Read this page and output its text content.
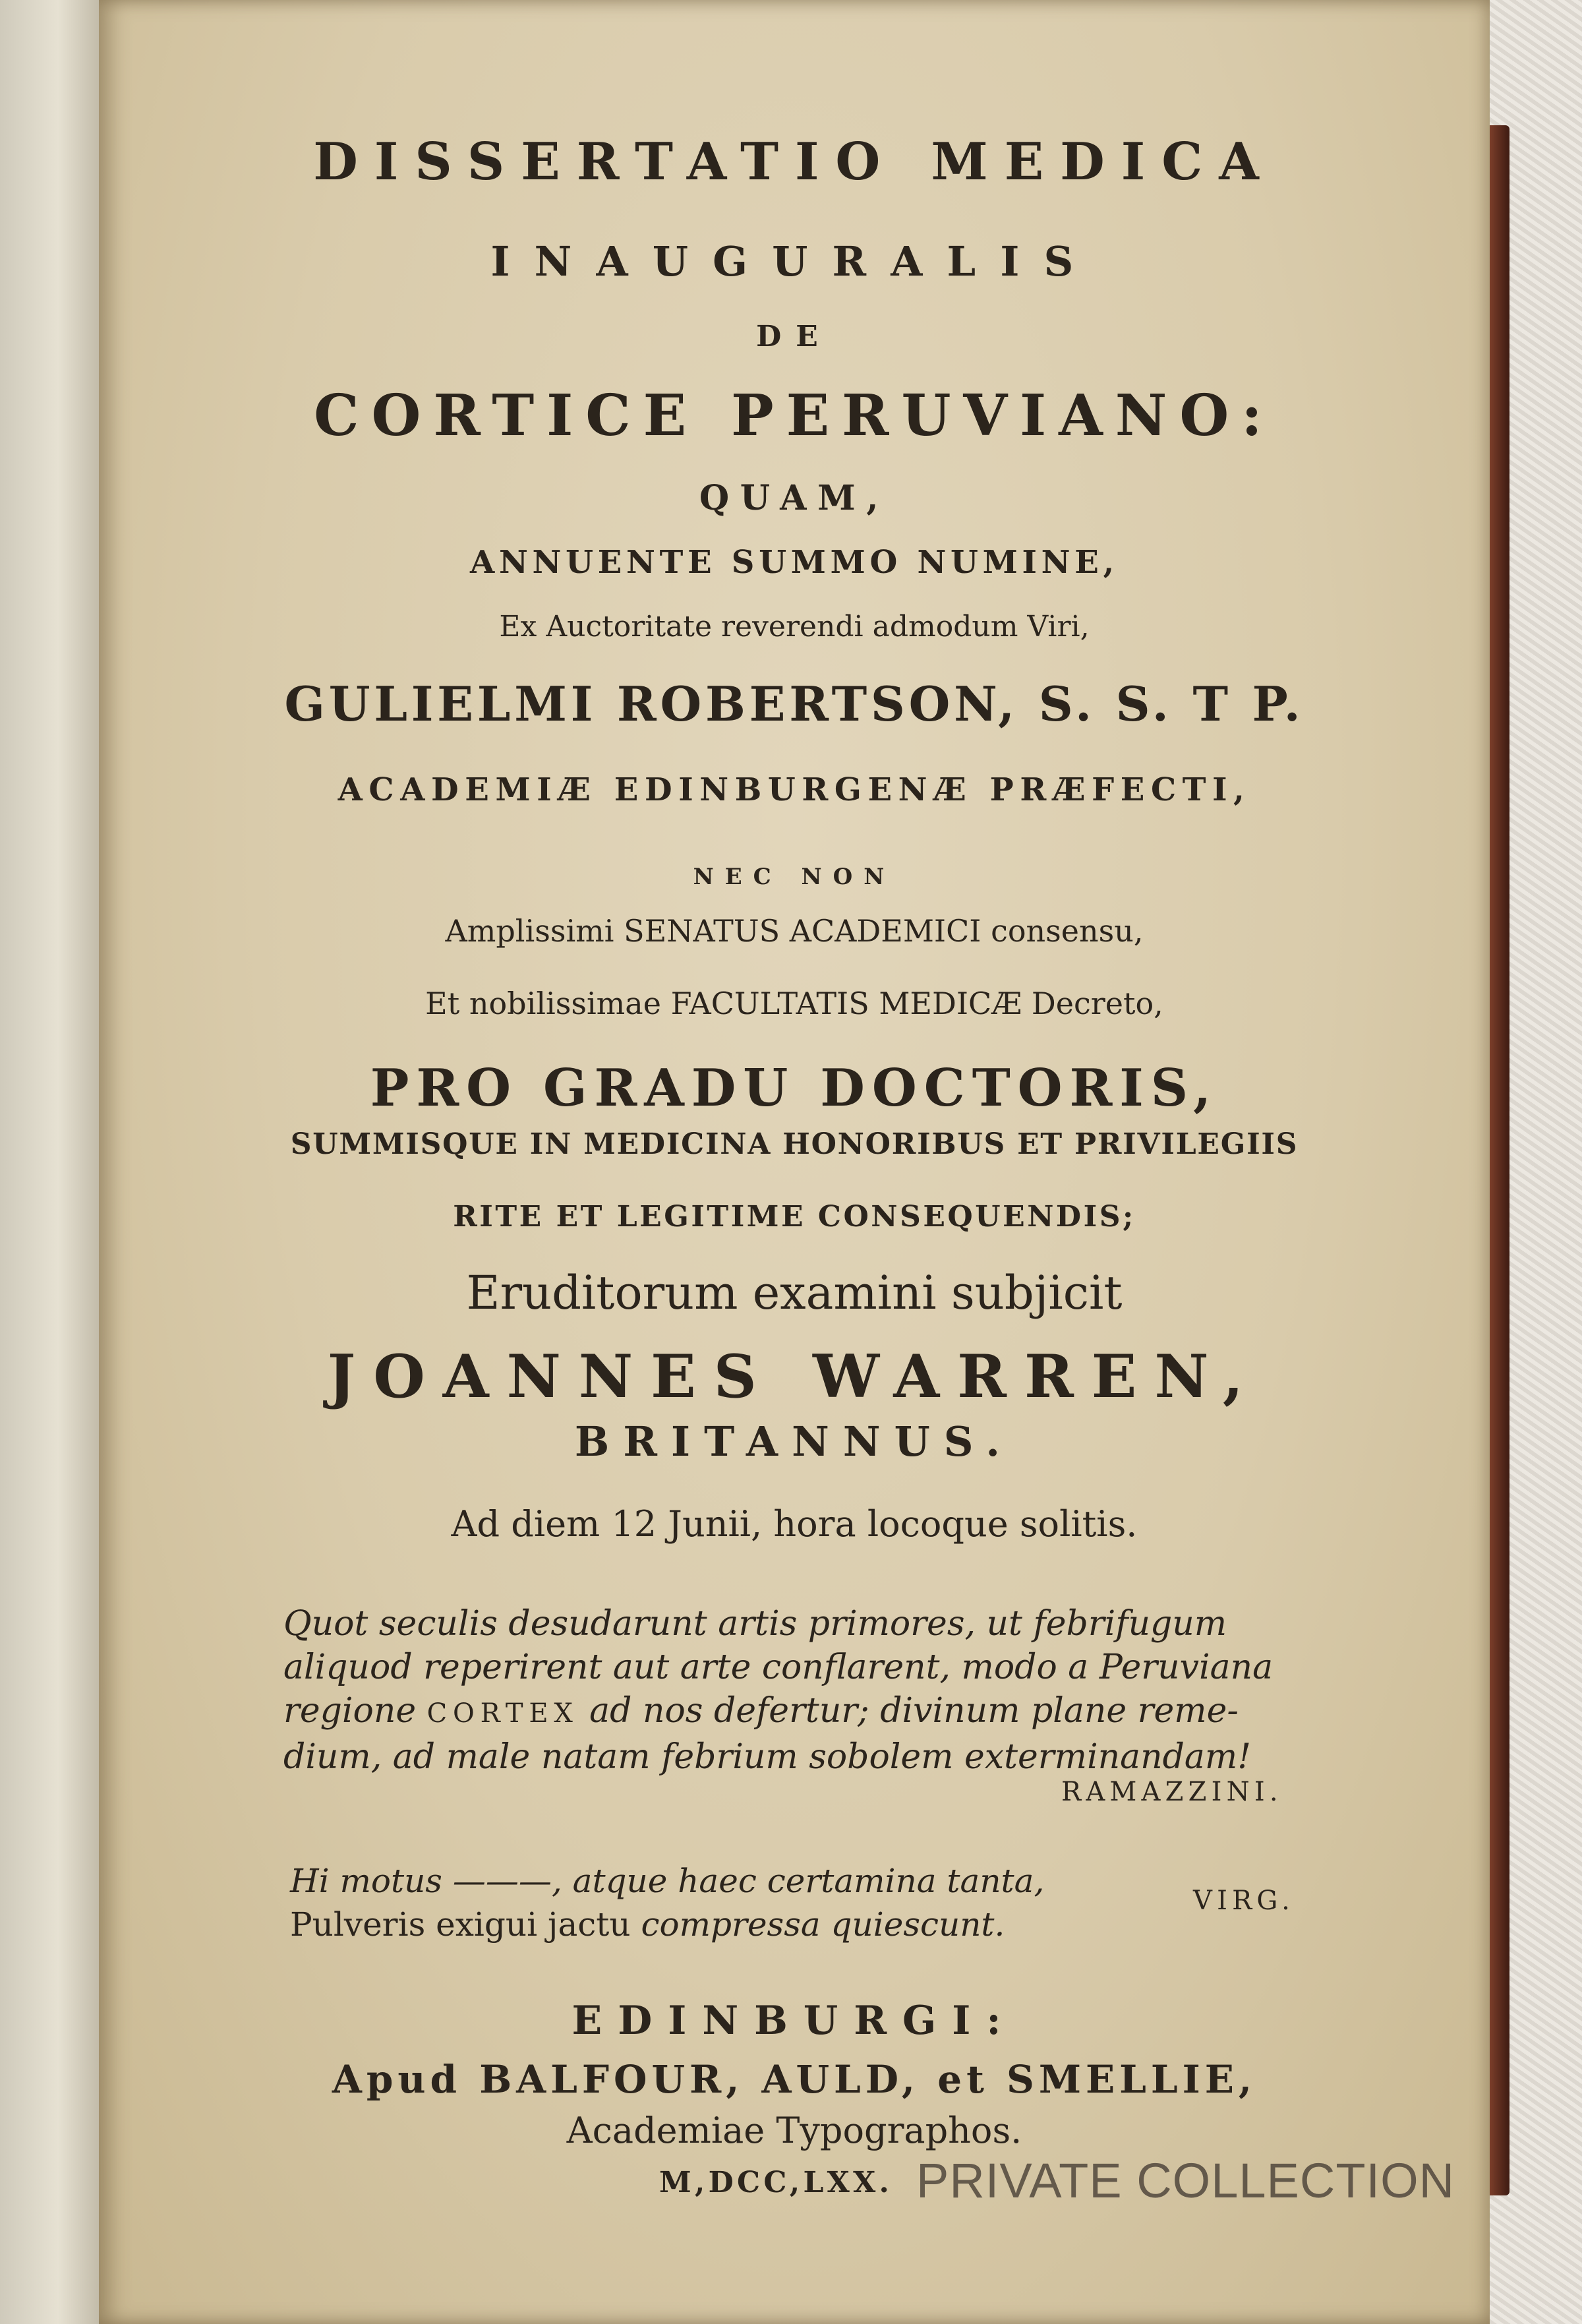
DISSERTATIO MEDICA

INAUGURALIS

DE

CORTICE PERUVIANO:

QUAM,

ANNUENTE SUMMO NUMINE,

Ex Auctoritate reverendi admodum Viri,

GULIELMI ROBERTSON, S. S. T P.

ACADEMIÆ EDINBURGENÆ PRÆFECTI,

NEC NON

Amplissimi SENATUS ACADEMICI consensu,

Et nobilissimae FACULTATIS MEDICÆ Decreto,

PRO GRADU DOCTORIS,

SUMMISQUE IN MEDICINA HONORIBUS ET PRIVILEGIIS

RITE ET LEGITIME CONSEQUENDIS;

Eruditorum examini subjicit

JOANNES WARREN,

BRITANNUS.

Ad diem 12 Junii, hora locoque solitis.

Quot seculis desudarunt artis primores, ut febrifugum
aliquod reperirent aut arte conflarent, modo a Peruviana
regione CORTEX ad nos defertur; divinum plane reme-
dium, ad male natam febrium sobolem exterminandam!
RAMAZZINI.
Hi motus ———, atque haec certamina tanta,
Pulveris exigui jactu compressa quiescunt.
VIRG.

EDINBURGI:

Apud BALFOUR, AULD, et SMELLIE,

Academiae Typographos.

M,DCC,LXX. PRIVATE COLLECTION
